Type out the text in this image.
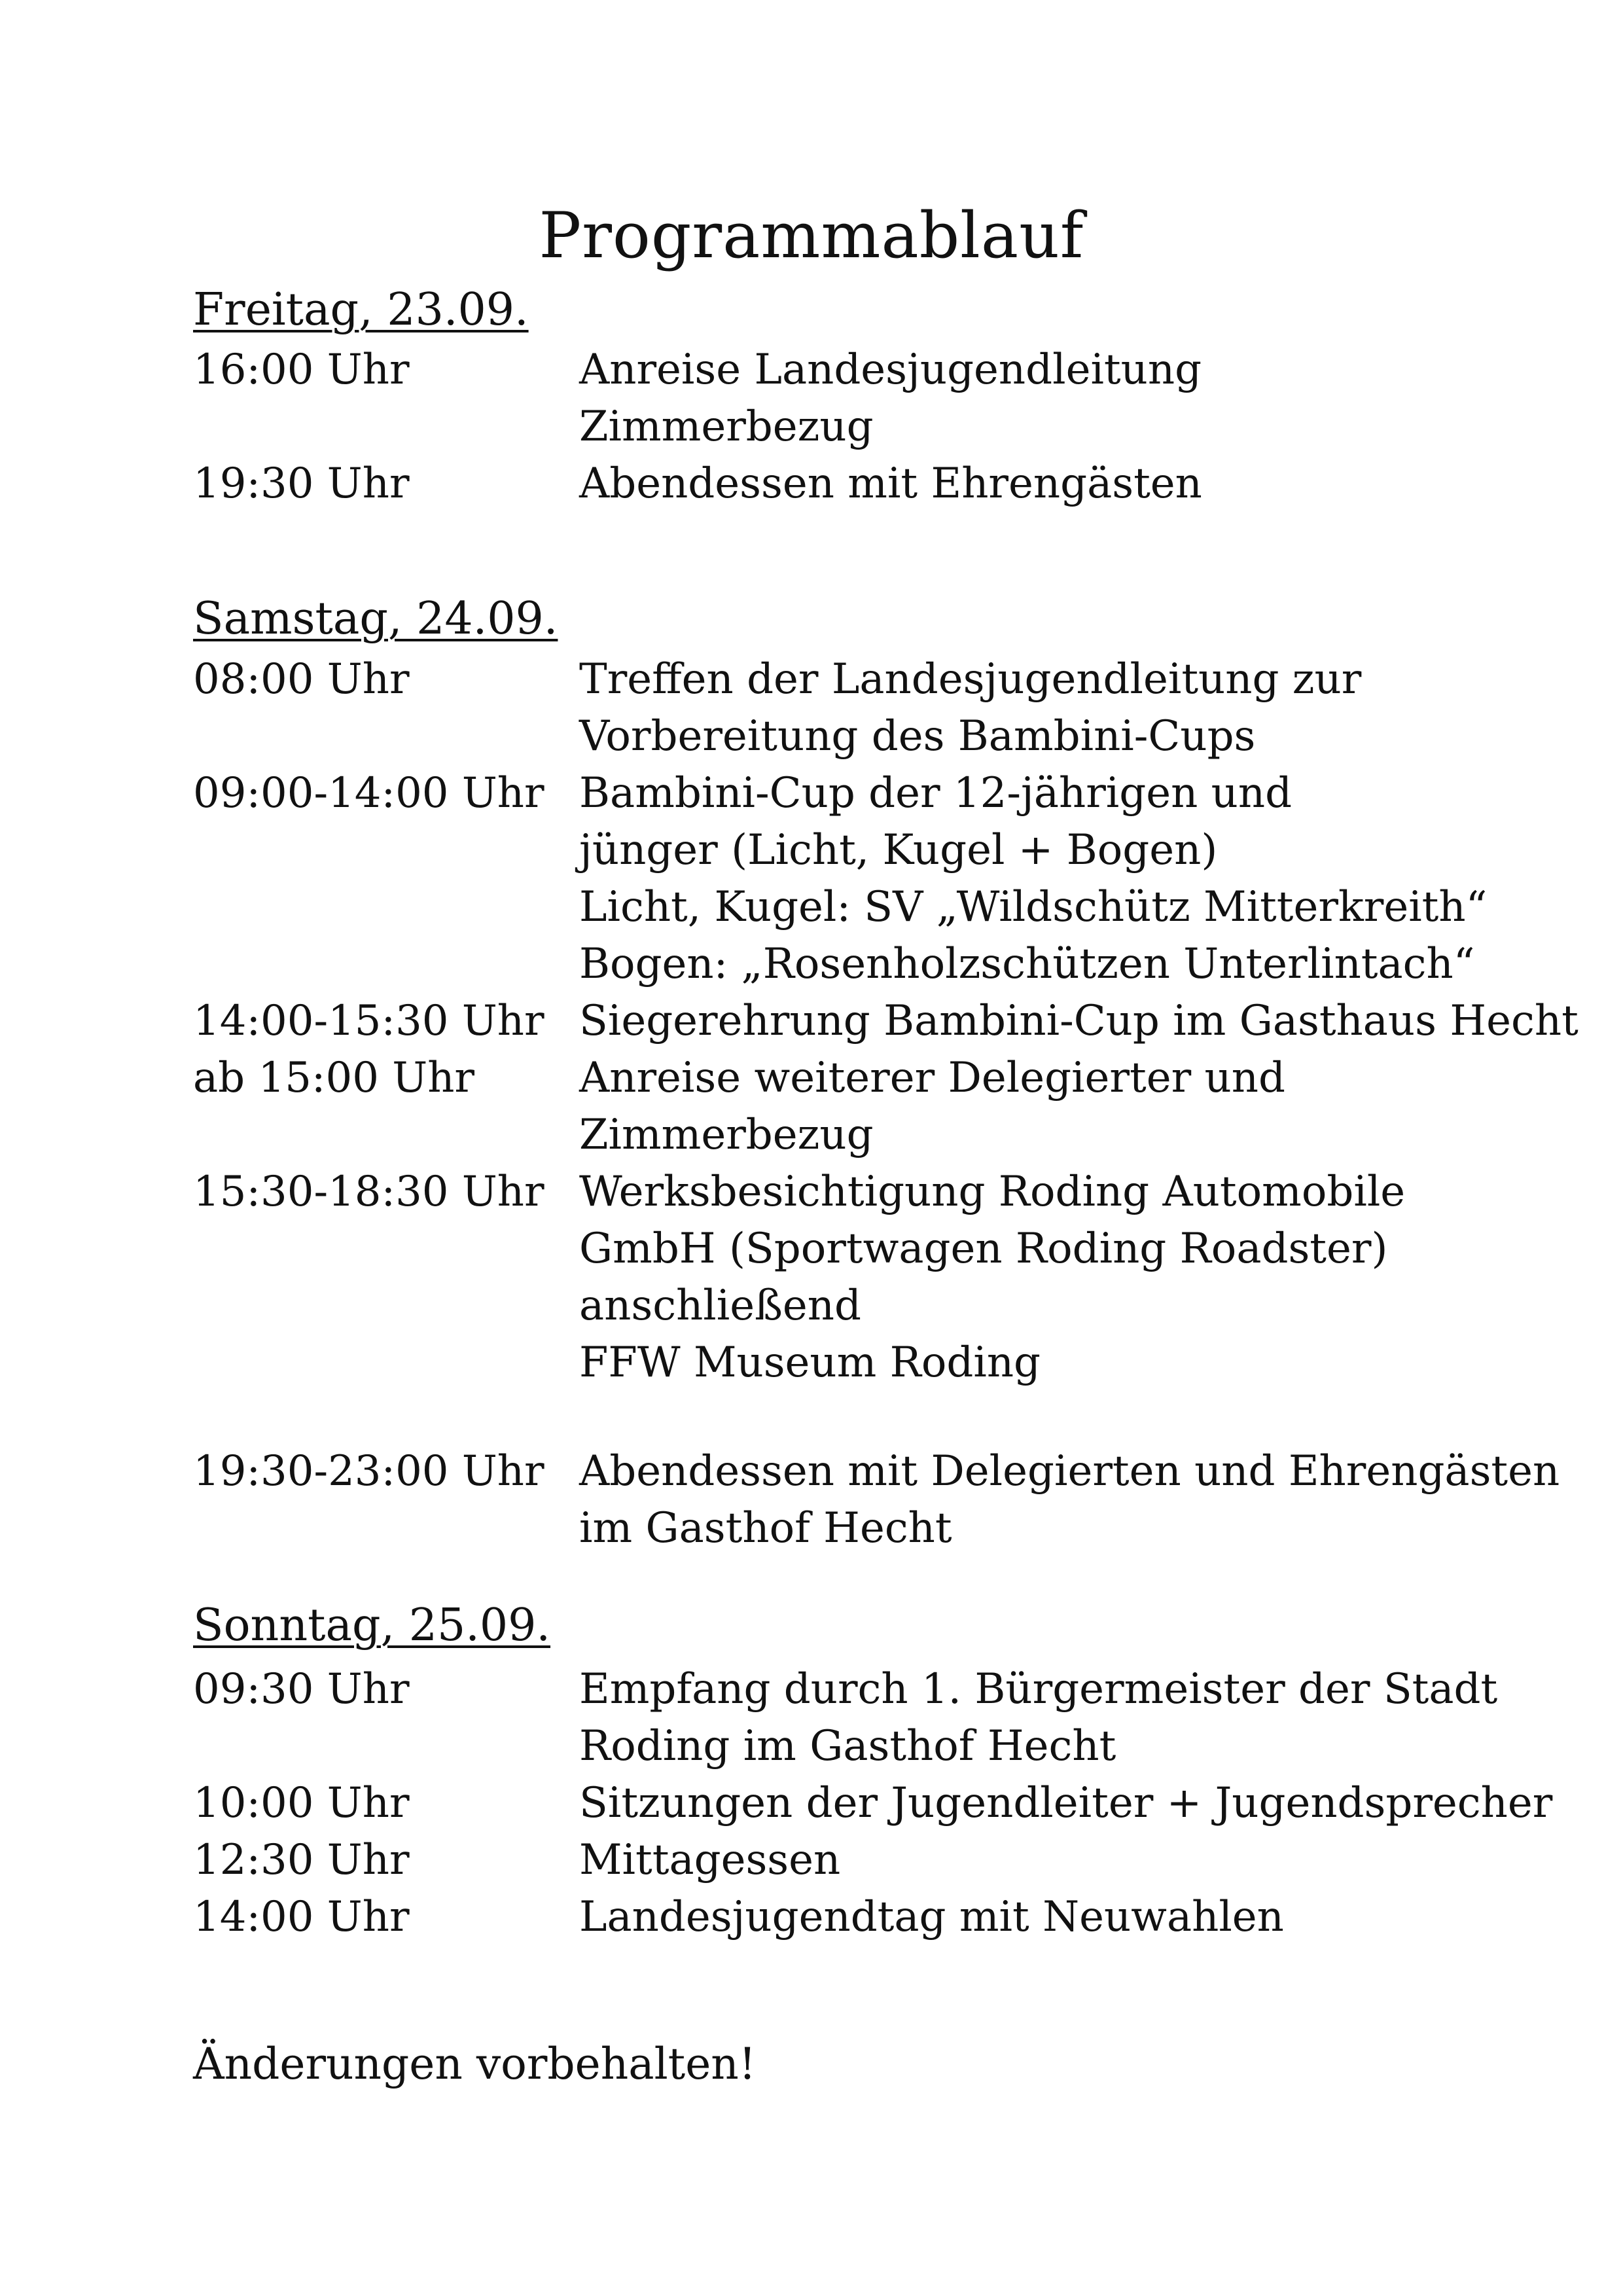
Programmablauf
Freitag, 23.09.
16:00 Uhr	Anreise Landesjugendleitung
Zimmerbezug
19:30 Uhr	Abendessen mit Ehrengästen
Samstag, 24.09.
08:00 Uhr	Treffen der Landesjugendleitung zur
Vorbereitung des Bambini-Cups
09:00-14:00 Uhr Bambini-Cup der 12-jährigen und
jünger (Licht, Kugel + Bogen)
Licht, Kugel: SV „Wildschütz Mitterkreith“
Bogen: „Rosenholzschützen Unterlintach“
14:00-15:30 Uhr Siegerehrung Bambini-Cup im Gasthaus Hecht
ab 15:00 Uhr	Anreise weiterer Delegierter und
Zimmerbezug
15:30-18:30 Uhr Werksbesichtigung Roding Automobile
GmbH (Sportwagen Roding Roadster)
anschließend
FFW Museum Roding
19:30-23:00 Uhr Abendessen mit Delegierten und Ehrengästen
im Gasthof Hecht
Sonntag, 25.09.
09:30 Uhr	Empfang durch 1. Bürgermeister der Stadt
Roding im Gasthof Hecht
10:00 Uhr	Sitzungen der Jugendleiter + Jugendsprecher
12:30 Uhr	Mittagessen
14:00 Uhr	Landesjugendtag mit Neuwahlen
Änderungen vorbehalten!
